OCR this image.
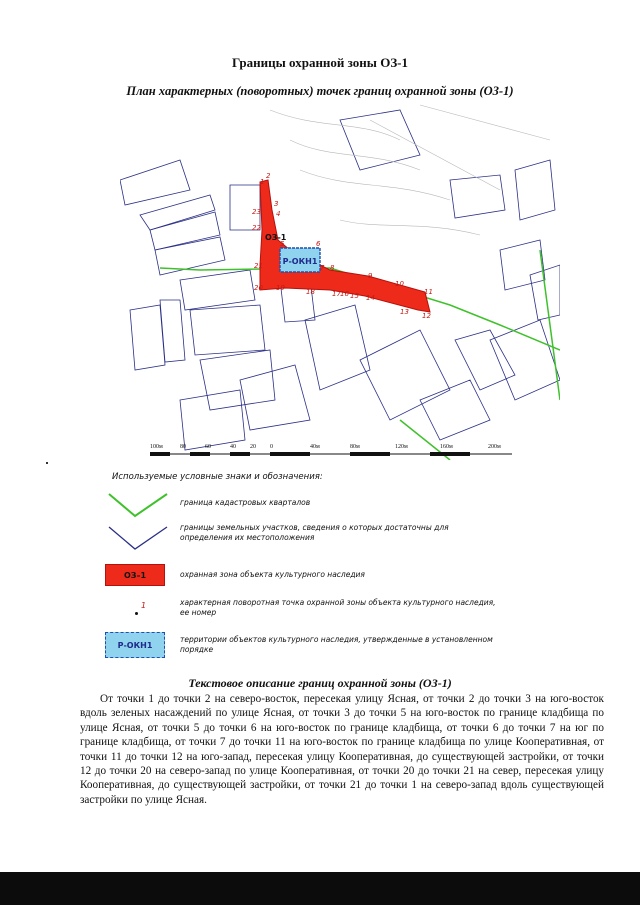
Границы охранной зоны ОЗ-1
План характерных (поворотных) точек границ охранной зоны (ОЗ-1)
Р-ОКН1
ОЗ-1
1
2
3
4
5	6
7 8
9
10
11
12
13
14
15
16
17
18
19
20
21
22
23
100м	80	60	40 20 0	40м	80м	120м	160м	200м
Используемые условные знаки и обозначения:
граница кадастровых кварталов
границы земельных участков, сведения о которых достаточны для определения их местоположения
ОЗ–1	охранная зона объекта культурного наследия
1	характерная поворотная точка охранной зоны объекта культурного наследия, ее номер
Р-ОКН1
территории объектов культурного наследия, утвержденные в установленном порядке
Текстовое описание границ охранной зоны (ОЗ-1)
От точки 1 до точки 2 на северо-восток, пересекая улицу Ясная, от точки 2 до точки 3 на юго-восток вдоль зеленых насаждений по улице Ясная, от точки 3 до точки 5 на юго-восток по границе кладбища по улице Ясная, от точки 5 до точки 6 на юго-восток по границе кладбища, от точки 6 до точки 7 на юг по границе кладбища, от точки 7 до точки 11 на юго-восток по границе кладбища по улице Кооперативная, от точки 11 до точки 12 на юго-запад, пересекая улицу Кооперативная, до существующей застройки, от точки 12 до точки 20 на северо-запад по улице Кооперативная, от точки 20 до точки 21 на север, пересекая улицу Кооперативная, до существующей застройки, от точки 21 до точки 1 на северо-запад вдоль существующей застройки по улице Ясная.
